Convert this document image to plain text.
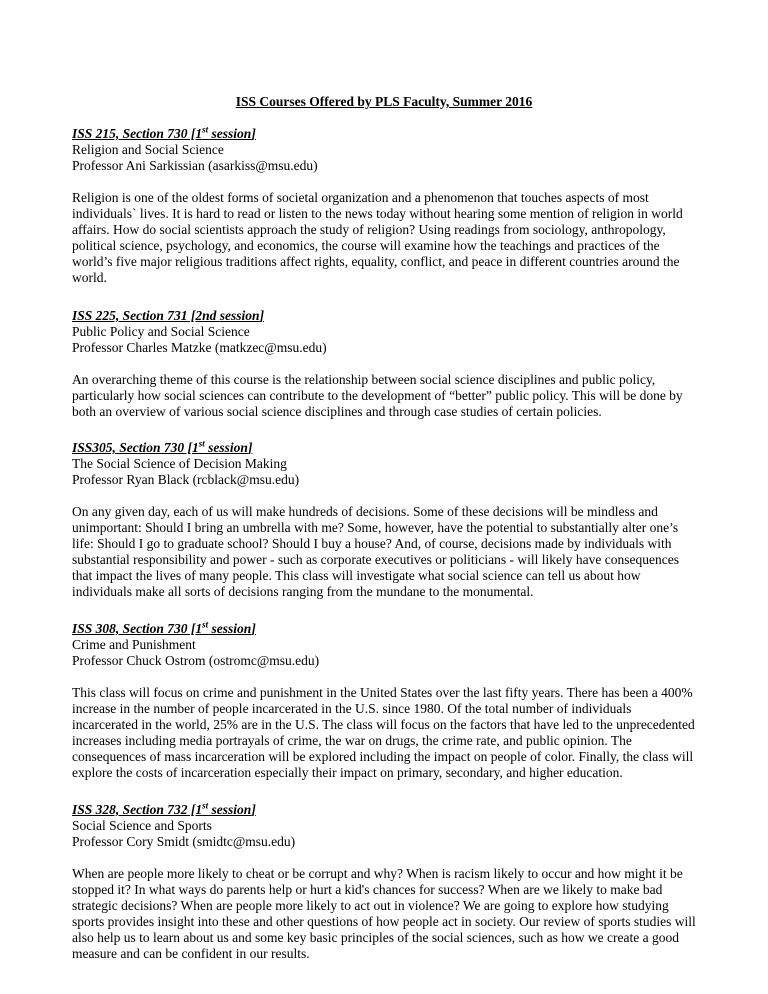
ISS Courses Offered by PLS Faculty, Summer 2016

ISS 215, Section 730 [1st session]

Religion and Social Science

Professor Ani Sarkissian (asarkiss@msu.edu)

Religion is one of the oldest forms of societal organization and a phenomenon that touches aspects of most individuals` lives. It is hard to read or listen to the news today without hearing some mention of religion in world affairs. How do social scientists approach the study of religion? Using readings from sociology, anthropology, political science, psychology, and economics, the course will examine how the teachings and practices of the world’s five major religious traditions affect rights, equality, conflict, and peace in different countries around the world.

ISS 225, Section 731 [2nd session]

Public Policy and Social Science

Professor Charles Matzke (matkzec@msu.edu)

An overarching theme of this course is the relationship between social science disciplines and public policy, particularly how social sciences can contribute to the development of “better” public policy. This will be done by both an overview of various social science disciplines and through case studies of certain policies.

ISS305, Section 730 [1st session]

The Social Science of Decision Making

Professor Ryan Black (rcblack@msu.edu)

On any given day, each of us will make hundreds of decisions. Some of these decisions will be mindless and unimportant: Should I bring an umbrella with me? Some, however, have the potential to substantially alter one’s life: Should I go to graduate school? Should I buy a house? And, of course, decisions made by individuals with substantial responsibility and power - such as corporate executives or politicians - will likely have consequences that impact the lives of many people. This class will investigate what social science can tell us about how individuals make all sorts of decisions ranging from the mundane to the monumental.

ISS 308, Section 730 [1st session]

Crime and Punishment

Professor Chuck Ostrom (ostromc@msu.edu)

This class will focus on crime and punishment in the United States over the last fifty years. There has been a 400% increase in the number of people incarcerated in the U.S. since 1980. Of the total number of individuals incarcerated in the world, 25% are in the U.S. The class will focus on the factors that have led to the unprecedented increases including media portrayals of crime, the war on drugs, the crime rate, and public opinion. The consequences of mass incarceration will be explored including the impact on people of color. Finally, the class will explore the costs of incarceration especially their impact on primary, secondary, and higher education.

ISS 328, Section 732 [1st session]

Social Science and Sports

Professor Cory Smidt (smidtc@msu.edu)

When are people more likely to cheat or be corrupt and why? When is racism likely to occur and how might it be stopped it? In what ways do parents help or hurt a kid's chances for success? When are we likely to make bad strategic decisions? When are people more likely to act out in violence? We are going to explore how studying sports provides insight into these and other questions of how people act in society. Our review of sports studies will also help us to learn about us and some key basic principles of the social sciences, such as how we create a good measure and can be confident in our results.
